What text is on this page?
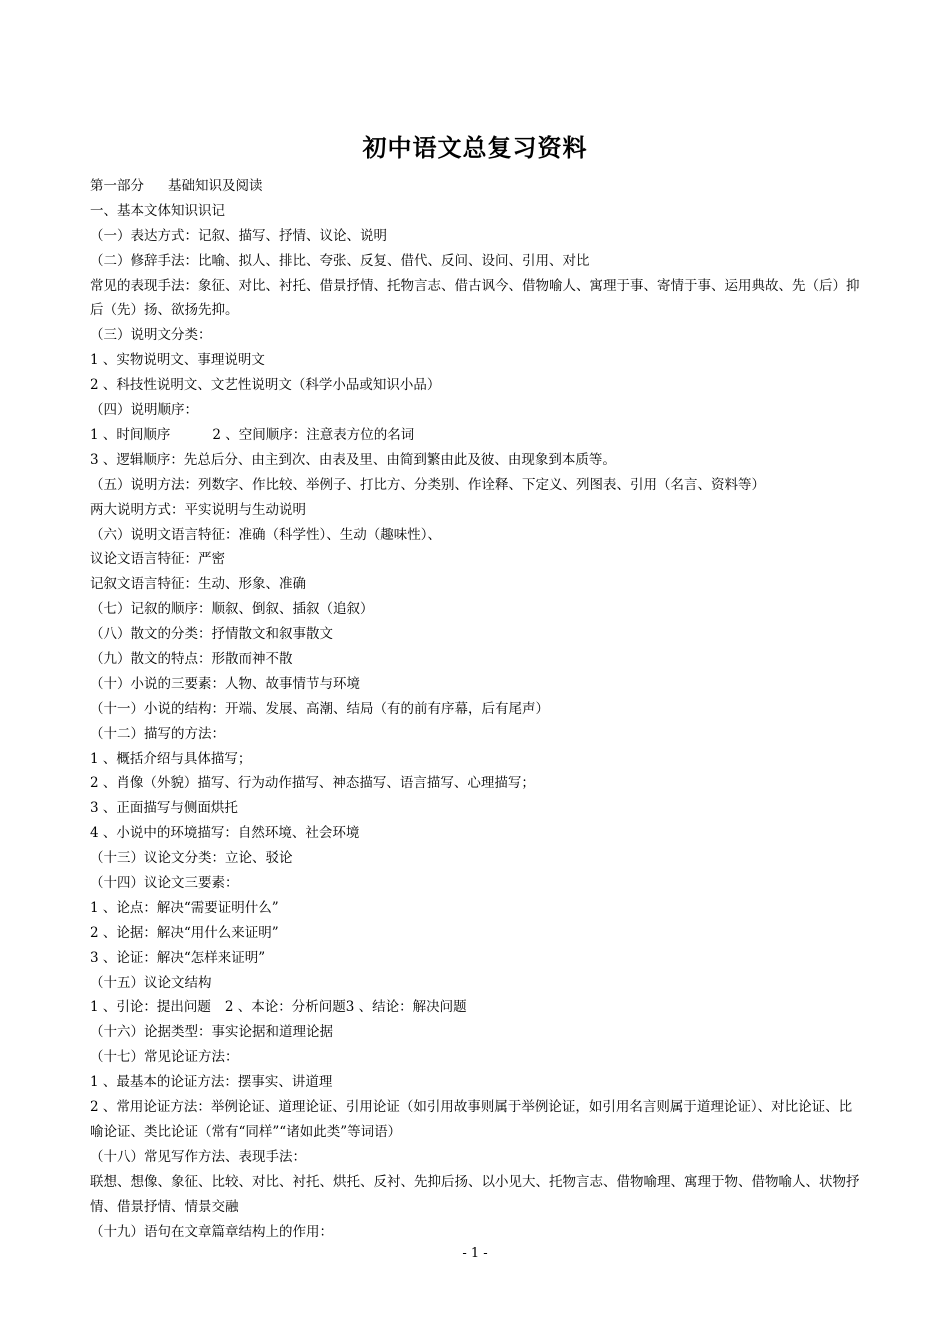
初中语文总复习资料
第一部分 基础知识及阅读
一、基本文体知识识记
（一）表达方式：记叙、描写、抒情、议论、说明
（二）修辞手法：比喻、拟人、排比、夸张、反复、借代、反问、设问、引用、对比
常见的表现手法：象征、对比、衬托、借景抒情、托物言志、借古讽今、借物喻人、寓理于事、寄情于事、运用典故、先（后）抑后（先）扬、欲扬先抑。
（三）说明文分类：
1 、实物说明文、事理说明文
2 、科技性说明文、文艺性说明文（科学小品或知识小品）
（四）说明顺序：
1 、时间顺序	2 、空间顺序：注意表方位的名词
3 、逻辑顺序：先总后分、由主到次、由表及里、由简到繁由此及彼、由现象到本质等。
（五）说明方法：列数字、作比较、举例子、打比方、分类别、作诠释、下定义、列图表、引用（名言、资料等）
两大说明方式：平实说明与生动说明
（六）说明文语言特征：准确（科学性）、生动（趣味性）、
议论文语言特征：严密
记叙文语言特征：生动、形象、准确
（七）记叙的顺序：顺叙、倒叙、插叙（追叙）
（八）散文的分类：抒情散文和叙事散文
（九）散文的特点：形散而神不散
（十）小说的三要素：人物、故事情节与环境
（十一）小说的结构：开端、发展、高潮、结局（有的前有序幕，后有尾声）
（十二）描写的方法：
1 、概括介绍与具体描写；
2 、肖像（外貌）描写、行为动作描写、神态描写、语言描写、心理描写；
3 、正面描写与侧面烘托
4 、小说中的环境描写：自然环境、社会环境
（十三）议论文分类：立论、驳论
（十四）议论文三要素：
1 、论点：解决“需要证明什么”
2 、论据：解决“用什么来证明”
3 、论证：解决“怎样来证明”
（十五）议论文结构
1 、引论：提出问题 2 、本论：分析问题3 、结论：解决问题
（十六）论据类型：事实论据和道理论据
（十七）常见论证方法：
1 、最基本的论证方法：摆事实、讲道理
2 、常用论证方法：举例论证、道理论证、引用论证（如引用故事则属于举例论证，如引用名言则属于道理论证）、对比论证、比喻论证、类比论证（常有“同样”“诸如此类”等词语）
（十八）常见写作方法、表现手法：
联想、想像、象征、比较、对比、衬托、烘托、反衬、先抑后扬、以小见大、托物言志、借物喻理、寓理于物、借物喻人、状物抒情、借景抒情、情景交融
（十九）语句在文章篇章结构上的作用：
- 1 -
